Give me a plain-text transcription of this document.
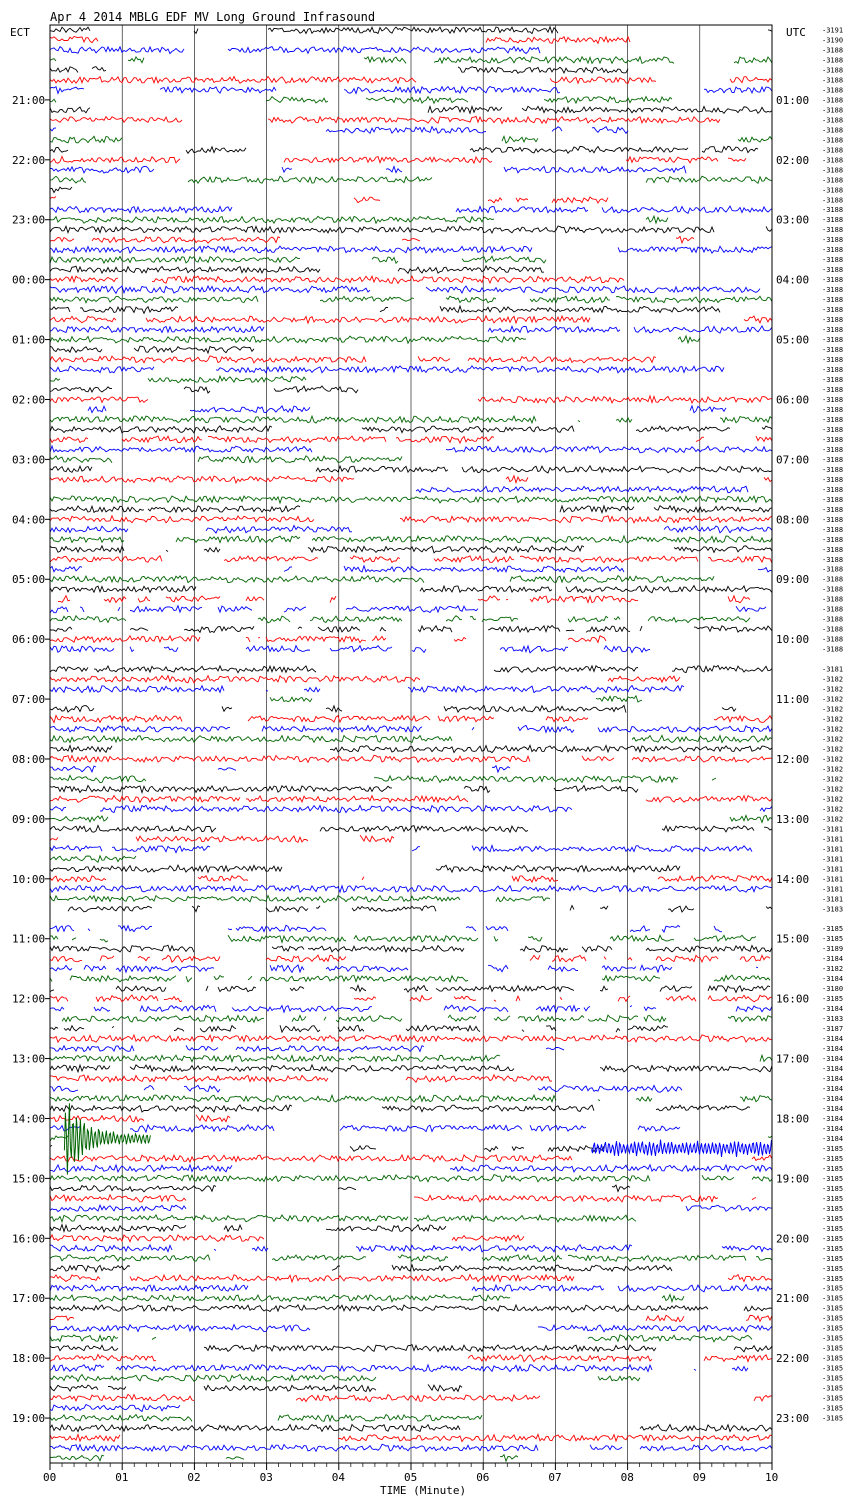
Apr 4 2014 MBLG EDF MV Long Ground Infrasound
ECT	UTC
21:00
22:00
23:00
00:00
01:00
02:00
03:00
04:00
05:00
06:00
07:00
08:00
09:00
10:00
11:00
12:00
13:00
14:00
15:00
16:00
17:00
18:00
19:00
01:00
02:00
03:00
04:00
05:00
06:00
07:00
08:00
09:00
10:00
11:00
12:00
13:00
14:00
15:00
16:00
17:00
18:00
19:00
20:00
21:00
22:00
23:00
-3191
-3190
-3188
-3188
-3188
-3188
-3188
-3188
-3188
-3188
-3188
-3188
-3188
-3188
-3188
-3188
-3188
-3188
-3188
-3188
-3188
-3188
-3188
-3188
-3188
-3188
-3188
-3188
-3188
-3188
-3188
-3188
-3188
-3188
-3188
-3188
-3188
-3188
-3188
-3188
-3188
-3188
-3188
-3188
-3188
-3188
-3188
-3188
-3188
-3188
-3188
-3188
-3188
-3188
-3188
-3188
-3188
-3188
-3188
-3188
-3188
-3188
-3188
-3181
-3182
-3182
-3182
-3182
-3182
-3182
-3182
-3182
-3182
-3182
-3182
-3182
-3182
-3182
-3182
-3181
-3181
-3181
-3181
-3181
-3181
-3181
-3181
-3183
-3185
-3185
-3189
-3184
-3182
-3184
-3180
-3185
-3184
-3183
-3187
-3184
-3184
-3184
-3184
-3184
-3184
-3184
-3184
-3184
-3184
-3184
-3185
-3185
-3185
-3185
-3185
-3185
-3185
-3185
-3185
-3185
-3185
-3185
-3185
-3185
-3185
-3185
-3185
-3185
-3185
-3185
-3185
-3185
-3185
-3185
-3185
-3185
-3185
-3185
00	01	02	03	04	05	06	07	08	09	10
TIME (Minute)
